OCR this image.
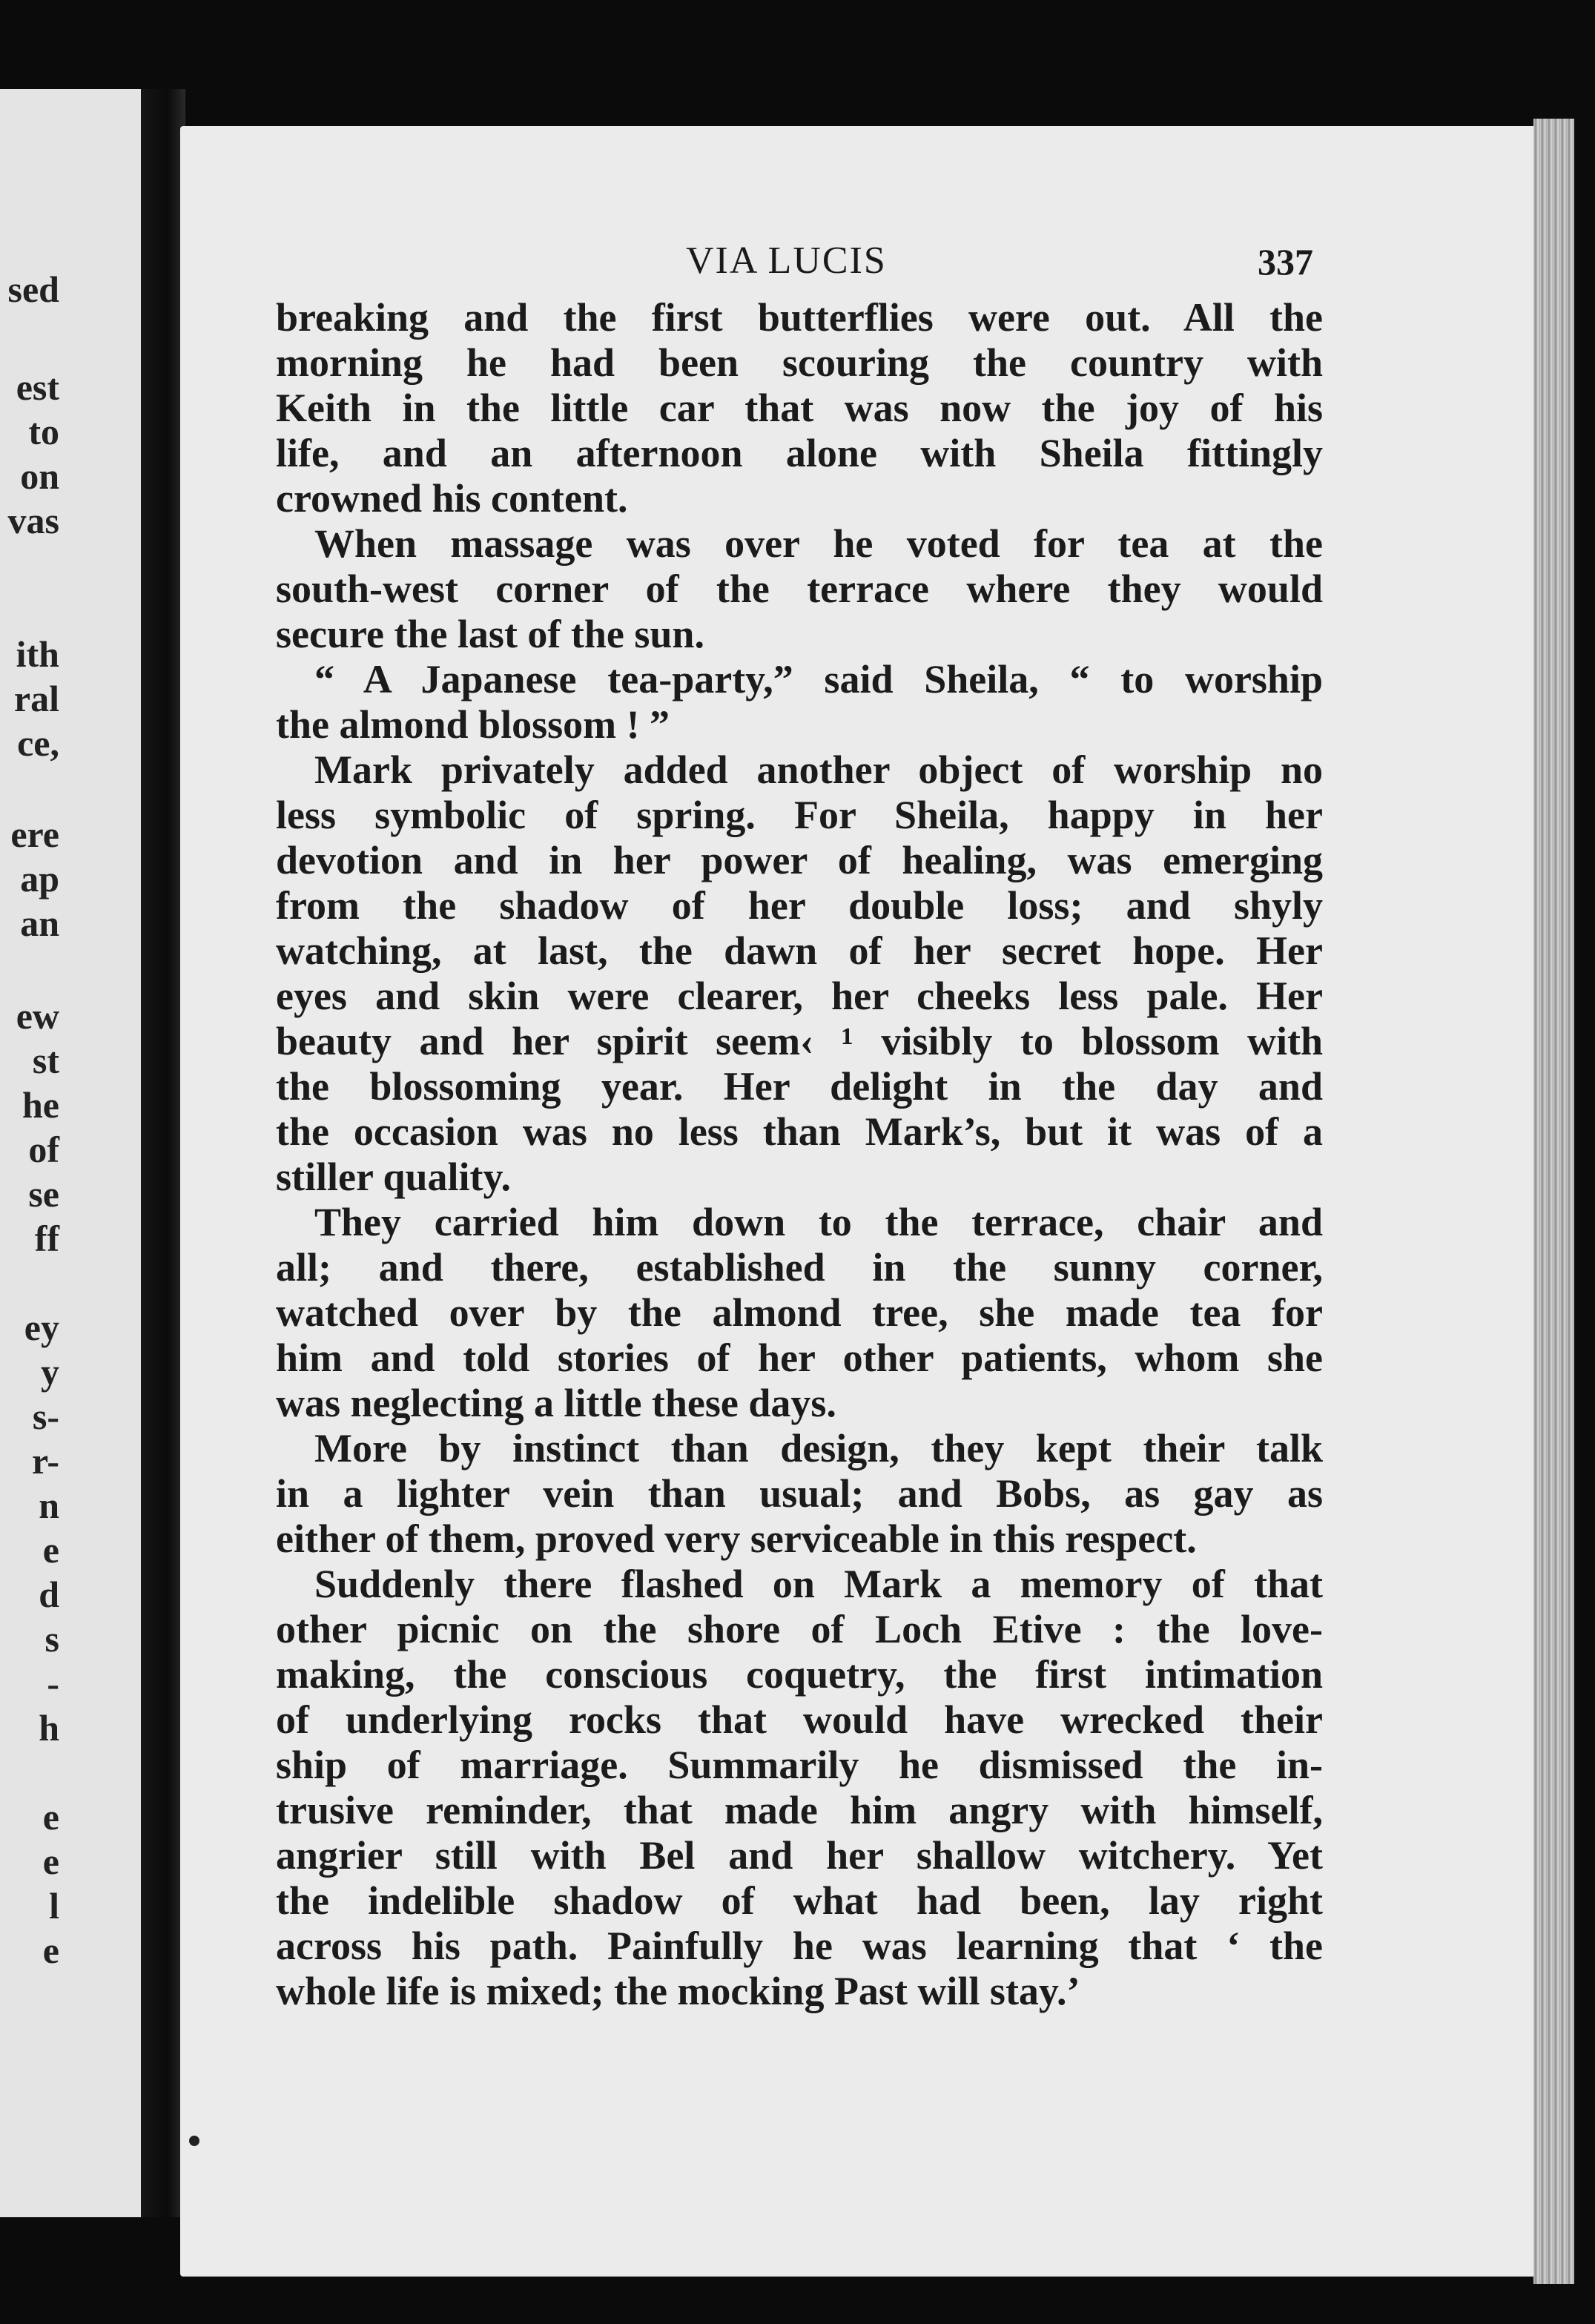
sed
est
to
on
vas
ith
ral
ce,
ere
ap
an
ew
st
he
of
se
ff
ey
y
s-
r-
n
e
d
s
-
h
e
e
l
e
VIA LUCIS	337
breaking and the first butterflies were out. All the
morning he had been scouring the country with
Keith in the little car that was now the joy of his
life, and an afternoon alone with Sheila fittingly
crowned his content.
When massage was over he voted for tea at the
south-west corner of the terrace where they would
secure the last of the sun.
“ A Japanese tea-party,” said Sheila, “ to worship
the almond blossom ! ”
Mark privately added another object of worship no
less symbolic of spring. For Sheila, happy in her
devotion and in her power of healing, was emerging
from the shadow of her double loss; and shyly
watching, at last, the dawn of her secret hope. Her
eyes and skin were clearer, her cheeks less pale. Her
beauty and her spirit seem‹ ¹ visibly to blossom with
the blossoming year. Her delight in the day and
the occasion was no less than Mark’s, but it was of a
stiller quality.
They carried him down to the terrace, chair and
all; and there, established in the sunny corner,
watched over by the almond tree, she made tea for
him and told stories of her other patients, whom she
was neglecting a little these days.
More by instinct than design, they kept their talk
in a lighter vein than usual; and Bobs, as gay as
either of them, proved very serviceable in this respect.
Suddenly there flashed on Mark a memory of that
other picnic on the shore of Loch Etive : the love-
making, the conscious coquetry, the first intimation
of underlying rocks that would have wrecked their
ship of marriage. Summarily he dismissed the in-
trusive reminder, that made him angry with himself,
angrier still with Bel and her shallow witchery. Yet
the indelible shadow of what had been, lay right
across his path. Painfully he was learning that ‘ the
whole life is mixed; the mocking Past will stay.’
